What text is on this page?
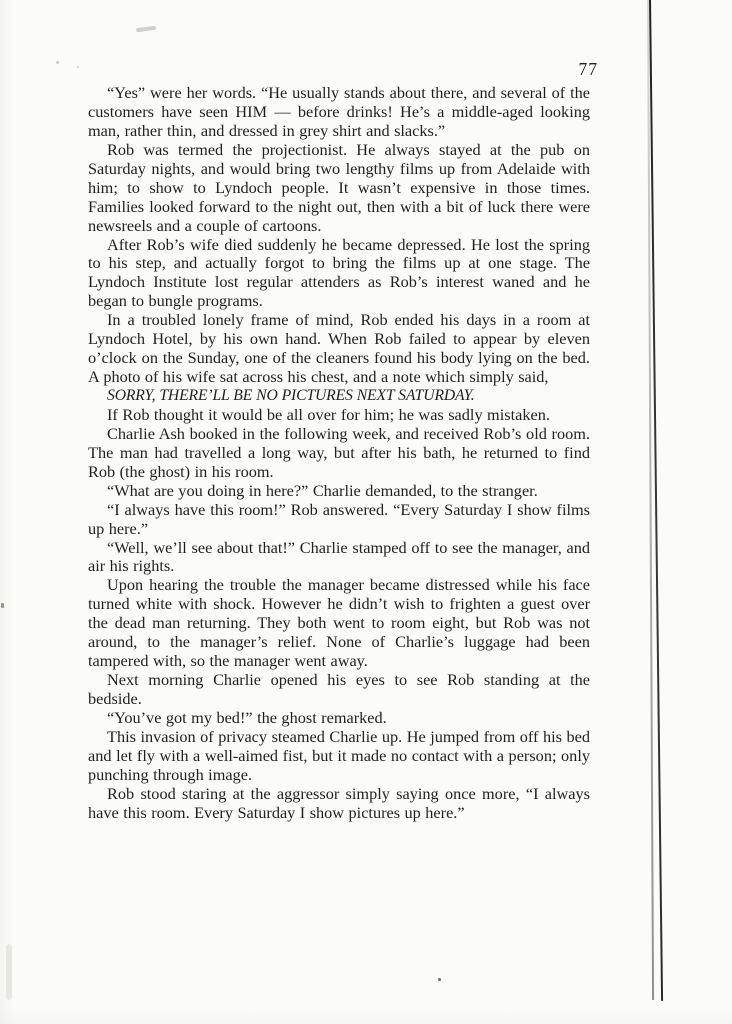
77

“Yes” were her words. “He usually stands about there, and several of the customers have seen HIM — before drinks! He’s a middle-aged looking man, rather thin, and dressed in grey shirt and slacks.”

Rob was termed the projectionist. He always stayed at the pub on Saturday nights, and would bring two lengthy films up from Adelaide with him; to show to Lyndoch people. It wasn’t expensive in those times. Families looked forward to the night out, then with a bit of luck there were newsreels and a couple of cartoons.

After Rob’s wife died suddenly he became depressed. He lost the spring to his step, and actually forgot to bring the films up at one stage. The Lyndoch Institute lost regular attenders as Rob’s interest waned and he began to bungle programs.

In a troubled lonely frame of mind, Rob ended his days in a room at Lyndoch Hotel, by his own hand. When Rob failed to appear by eleven o’clock on the Sunday, one of the cleaners found his body lying on the bed. A photo of his wife sat across his chest, and a note which simply said,

SORRY, THERE’LL BE NO PICTURES NEXT SATURDAY.

If Rob thought it would be all over for him; he was sadly mistaken.

Charlie Ash booked in the following week, and received Rob’s old room. The man had travelled a long way, but after his bath, he returned to find Rob (the ghost) in his room.

“What are you doing in here?” Charlie demanded, to the stranger.

“I always have this room!” Rob answered. “Every Saturday I show films up here.”

“Well, we’ll see about that!” Charlie stamped off to see the manager, and air his rights.

Upon hearing the trouble the manager became distressed while his face turned white with shock. However he didn’t wish to frighten a guest over the dead man returning. They both went to room eight, but Rob was not around, to the manager’s relief. None of Charlie’s luggage had been tampered with, so the manager went away.

Next morning Charlie opened his eyes to see Rob standing at the bedside.

“You’ve got my bed!” the ghost remarked.

This invasion of privacy steamed Charlie up. He jumped from off his bed and let fly with a well-aimed fist, but it made no contact with a person; only punching through image.

Rob stood staring at the aggressor simply saying once more, “I always have this room. Every Saturday I show pictures up here.”
